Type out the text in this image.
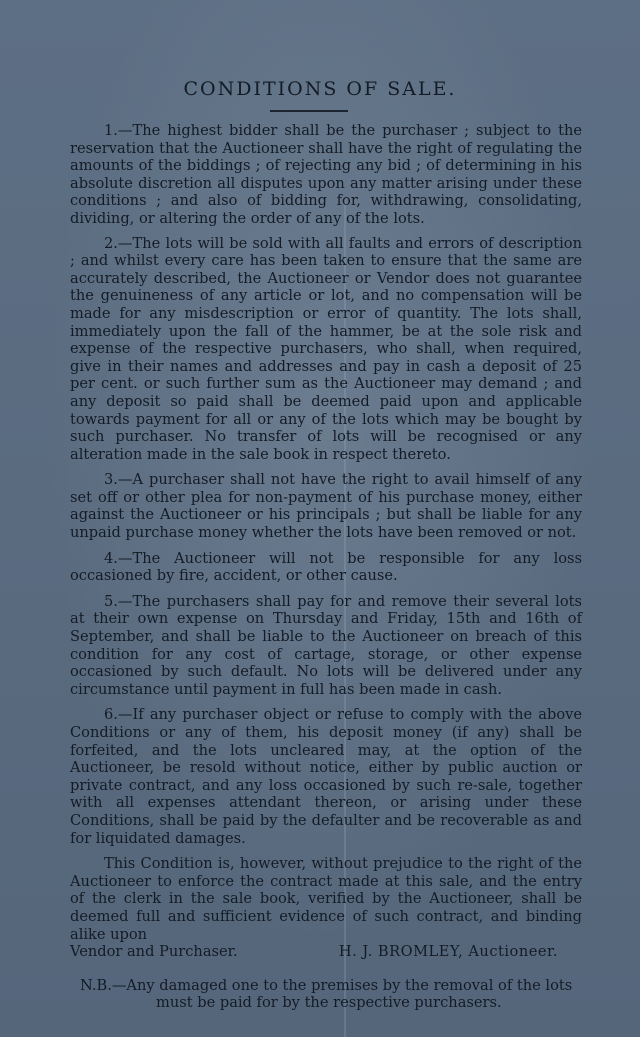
CONDITIONS OF SALE.

1.—The highest bidder shall be the purchaser ; subject to the reservation that the Auctioneer shall have the right of regulating the amounts of the biddings ; of rejecting any bid ; of determining in his absolute discretion all disputes upon any matter arising under these conditions ; and also of bidding for, withdrawing, consolidating, dividing, or altering the order of any of the lots.

2.—The lots will be sold with all faults and errors of description ; and whilst every care has been taken to ensure that the same are accurately described, the Auctioneer or Vendor does not guarantee the genuineness of any article or lot, and no compensation will be made for any misdescription or error of quantity. The lots shall, immediately upon the fall of the hammer, be at the sole risk and expense of the respective purchasers, who shall, when required, give in their names and addresses and pay in cash a deposit of 25 per cent. or such further sum as the Auctioneer may demand ; and any deposit so paid shall be deemed paid upon and applicable towards payment for all or any of the lots which may be bought by such purchaser. No transfer of lots will be recognised or any alteration made in the sale book in respect thereto.

3.—A purchaser shall not have the right to avail himself of any set off or other plea for non-payment of his purchase money, either against the Auctioneer or his principals ; but shall be liable for any unpaid purchase money whether the lots have been removed or not.

4.—The Auctioneer will not be responsible for any loss occasioned by fire, accident, or other cause.

5.—The purchasers shall pay for and remove their several lots at their own expense on Thursday and Friday, 15th and 16th of September, and shall be liable to the Auctioneer on breach of this condition for any cost of cartage, storage, or other expense occasioned by such default. No lots will be delivered under any circumstance until payment in full has been made in cash.

6.—If any purchaser object or refuse to comply with the above Conditions or any of them, his deposit money (if any) shall be forfeited, and the lots uncleared may, at the option of the Auctioneer, be resold without notice, either by public auction or private contract, and any loss occasioned by such re-sale, together with all expenses attendant thereon, or arising under these Conditions, shall be paid by the defaulter and be recoverable as and for liquidated damages.

This Condition is, however, without prejudice to the right of the Auctioneer to enforce the contract made at this sale, and the entry of the clerk in the sale book, verified by the Auctioneer, shall be deemed full and sufficient evidence of such contract, and binding alike upon

Vendor and Purchaser.	H. J. BROMLEY, Auctioneer.
N.B.—Any damaged one to the premises by the removal of the lots
must be paid for by the respective purchasers.
